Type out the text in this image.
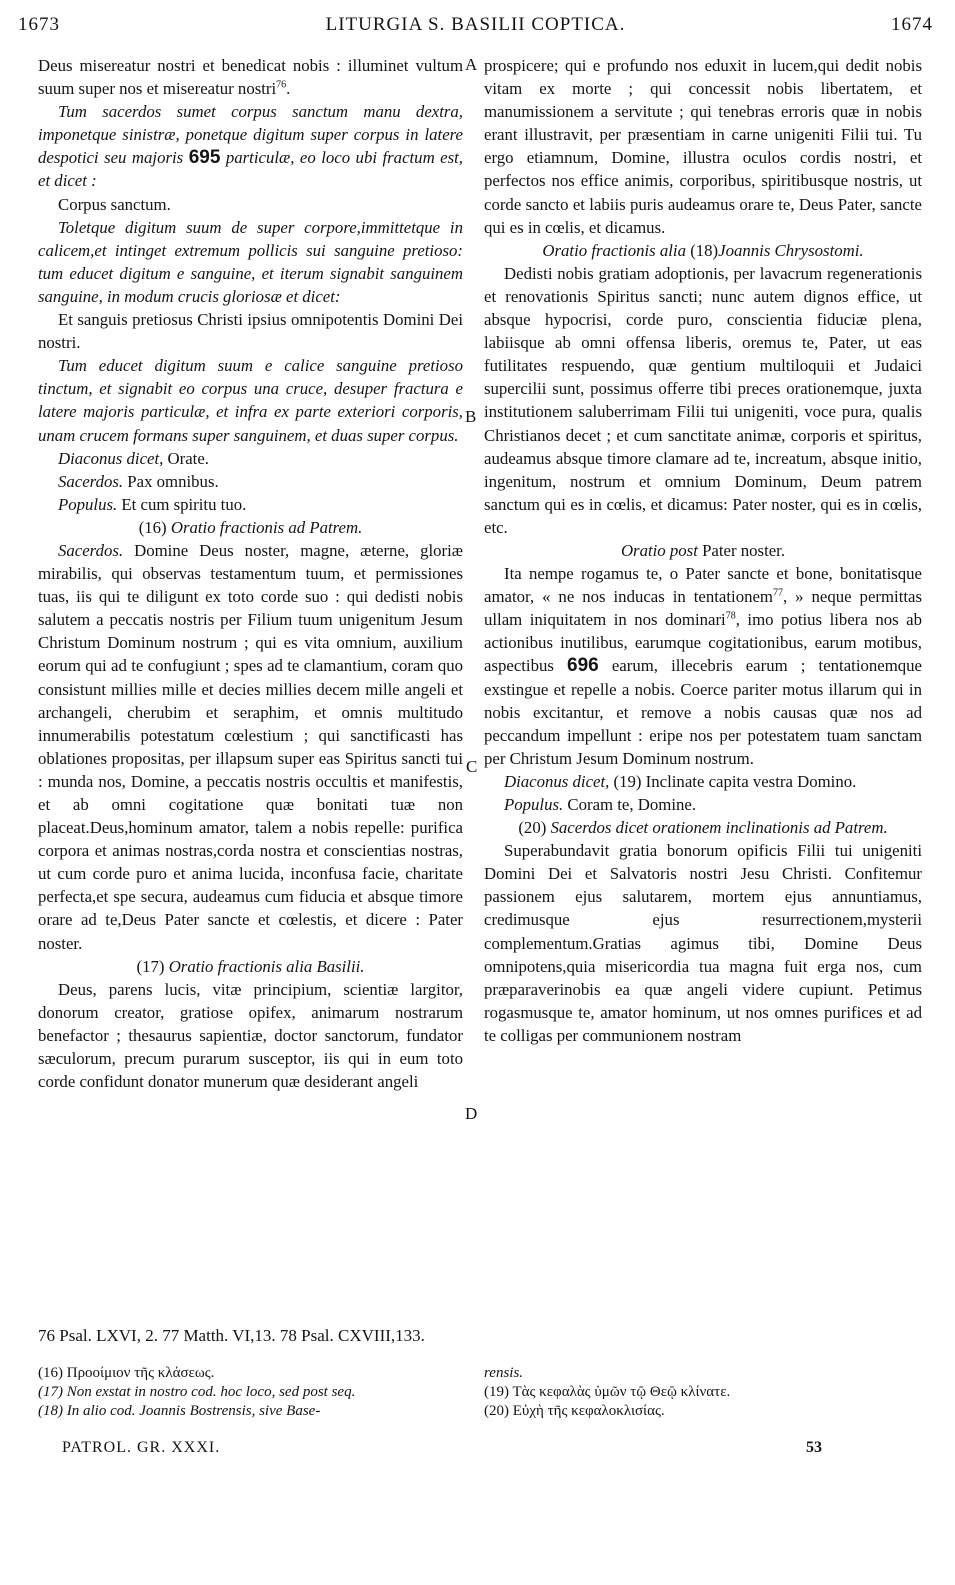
1673	LITURGIA S. BASILII COPTICA.	1674
A
B
C
D

Deus misereatur nostri et benedicat nobis : illuminet vultum suum super nos et misereatur nostri$^{76}$.

Tum sacerdos sumet corpus sanctum manu dextra, imponetque sinistræ, ponetque digitum super corpus in latere despotici seu majoris 695 particulæ, eo loco ubi fractum est, et dicet :

Corpus sanctum.

Toletque digitum suum de super corpore,immittetque in calicem,et intinget extremum pollicis sui sanguine pretioso: tum educet digitum e sanguine, et iterum signabit sanguinem sanguine, in modum crucis gloriosæ et dicet:

Et sanguis pretiosus Christi ipsius omnipotentis Domini Dei nostri.

Tum educet digitum suum e calice sanguine pretioso tinctum, et signabit eo corpus una cruce, desuper fractura e latere majoris particulæ, et infra ex parte exteriori corporis, unam crucem formans super sanguinem, et duas super corpus.

Diaconus dicet, Orate.

Sacerdos. Pax omnibus.

Populus. Et cum spiritu tuo.

(16) Oratio fractionis ad Patrem.

Sacerdos. Domine Deus noster, magne, æterne, gloriæ mirabilis, qui observas testamentum tuum, et permissiones tuas, iis qui te diligunt ex toto corde suo : qui dedisti nobis salutem a peccatis nostris per Filium tuum unigenitum Jesum Christum Dominum nostrum ; qui es vita omnium, auxilium eorum qui ad te confugiunt ; spes ad te clamantium, coram quo consistunt millies mille et decies millies decem mille angeli et archangeli, cherubim et seraphim, et omnis multitudo innumerabilis potestatum cœlestium ; qui sanctificasti has oblationes propositas, per illapsum super eas Spiritus sancti tui : munda nos, Domine, a peccatis nostris occultis et manifestis, et ab omni cogitatione quæ bonitati tuæ non placeat.Deus,hominum amator, talem a nobis repelle: purifica corpora et animas nostras,corda nostra et conscientias nostras, ut cum corde puro et anima lucida, inconfusa facie, charitate perfecta,et spe secura, audeamus cum fiducia et absque timore orare ad te,Deus Pater sancte et cœlestis, et dicere : Pater noster.

(17) Oratio fractionis alia Basilii.

Deus, parens lucis, vitæ principium, scientiæ largitor, donorum creator, gratiose opifex, animarum nostrarum benefactor ; thesaurus sapientiæ, doctor sanctorum, fundator sæculorum, precum purarum susceptor, iis qui in eum toto corde confidunt donator munerum quæ desiderant angeli

prospicere; qui e profundo nos eduxit in lucem,qui dedit nobis vitam ex morte ; qui concessit nobis libertatem, et manumissionem a servitute ; qui tenebras erroris quæ in nobis erant illustravit, per præsentiam in carne unigeniti Filii tui. Tu ergo etiamnum, Domine, illustra oculos cordis nostri, et perfectos nos effice animis, corporibus, spiritibusque nostris, ut corde sancto et labiis puris audeamus orare te, Deus Pater, sancte qui es in cœlis, et dicamus.

Oratio fractionis alia (18)Joannis Chrysostomi.

Dedisti nobis gratiam adoptionis, per lavacrum regenerationis et renovationis Spiritus sancti; nunc autem dignos effice, ut absque hypocrisi, corde puro, conscientia fiduciæ plena, labiisque ab omni offensa liberis, oremus te, Pater, ut eas futilitates respuendo, quæ gentium multiloquii et Judaici supercilii sunt, possimus offerre tibi preces orationemque, juxta institutionem saluberrimam Filii tui unigeniti, voce pura, qualis Christianos decet ; et cum sanctitate animæ, corporis et spiritus, audeamus absque timore clamare ad te, increatum, absque initio, ingenitum, nostrum et omnium Dominum, Deum patrem sanctum qui es in cœlis, et dicamus: Pater noster, qui es in cœlis, etc.

Oratio post Pater noster.

Ita nempe rogamus te, o Pater sancte et bone, bonitatisque amator, « ne nos inducas in tentationem$^{77}$, » neque permittas ullam iniquitatem in nos dominari$^{78}$, imo potius libera nos ab actionibus inutilibus, earumque cogitationibus, earum motibus, aspectibus 696 earum, illecebris earum ; tentationemque exstingue et repelle a nobis. Coerce pariter motus illarum qui in nobis excitantur, et remove a nobis causas quæ nos ad peccandum impellunt : eripe nos per potestatem tuam sanctam per Christum Jesum Dominum nostrum.

Diaconus dicet, (19) Inclinate capita vestra Domino.

Populus. Coram te, Domine.

(20) Sacerdos dicet orationem inclinationis ad Patrem.

Superabundavit gratia bonorum opificis Filii tui unigeniti Domini Dei et Salvatoris nostri Jesu Christi. Confitemur passionem ejus salutarem, mortem ejus annuntiamus, credimusque ejus resurrectionem,mysterii complementum.Gratias agimus tibi, Domine Deus omnipotens,quia misericordia tua magna fuit erga nos, cum præparaverinobis ea quæ angeli videre cupiunt. Petimus rogasmusque te, amator hominum, ut nos omnes purifices et ad te colligas per communionem nostram

76 Psal. LXVI, 2. 77 Matth. VI,13. 78 Psal. CXVIII,133.
(16) Προοίμιον τῆς κλάσεως.
(17) Non exstat in nostro cod. hoc loco, sed post seq.
(18) In alio cod. Joannis Bostrensis, sive Base-
rensis.
(19) Τὰς κεφαλὰς ὑμῶν τῷ Θεῷ κλίνατε.
(20) Εὐχὴ τῆς κεφαλοκλισίας.
PATROL. GR. XXXI.	53
